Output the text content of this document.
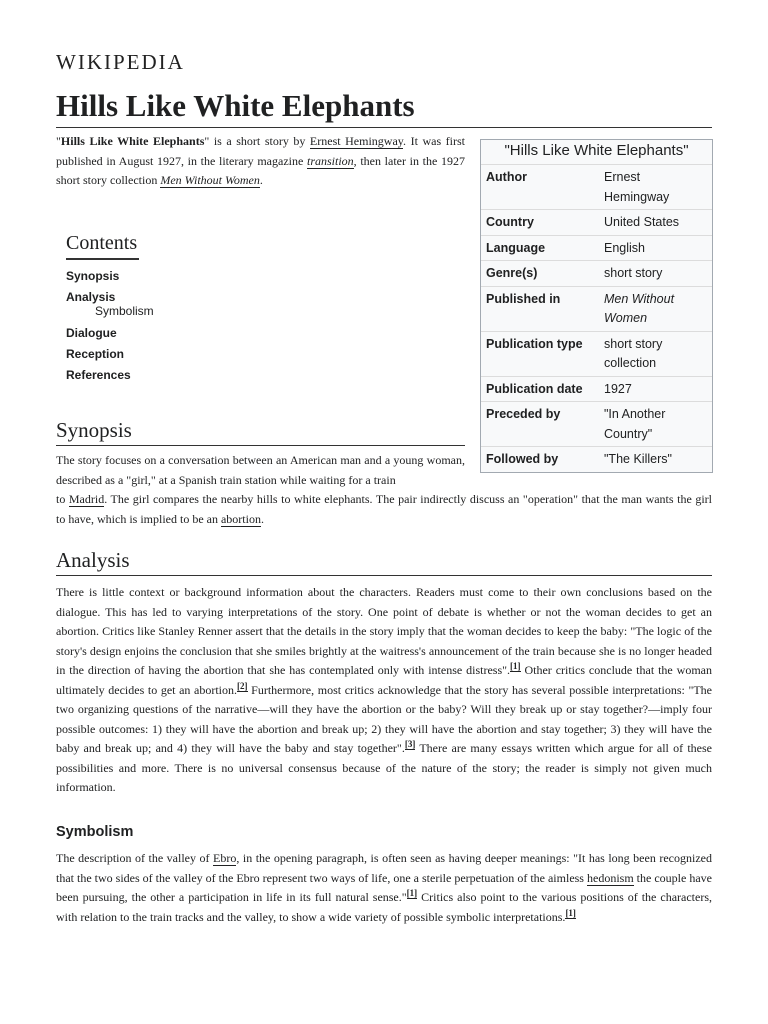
WIKIPEDIA
Hills Like White Elephants
"Hills Like White Elephants" is a short story by Ernest Hemingway. It was first published in August 1927, in the literary magazine transition, then later in the 1927 short story collection Men Without Women.
"Hills Like White Elephants"
Author	Ernest Hemingway
Country	United States
Language	English
Genre(s)	short story
Published in	Men Without Women
Publication type	short story collection
Publication date	1927
Preceded by	"In Another Country"
Followed by	"The Killers"
Contents
Synopsis
Analysis
Symbolism
Dialogue
Reception
References
Synopsis
The story focuses on a conversation between an American man and a young woman, described as a "girl," at a Spanish train station while waiting for a train
to Madrid. The girl compares the nearby hills to white elephants. The pair indirectly discuss an "operation" that the man wants the girl to have, which is implied to be an abortion.
Analysis
There is little context or background information about the characters. Readers must come to their own conclusions based on the dialogue. This has led to varying interpretations of the story. One point of debate is whether or not the woman decides to get an abortion. Critics like Stanley Renner assert that the details in the story imply that the woman decides to keep the baby: "The logic of the story's design enjoins the conclusion that she smiles brightly at the waitress's announcement of the train because she is no longer headed in the direction of having the abortion that she has contemplated only with intense distress".[1] Other critics conclude that the woman ultimately decides to get an abortion.[2] Furthermore, most critics acknowledge that the story has several possible interpretations: "The two organizing questions of the narrative—will they have the abortion or the baby? Will they break up or stay together?—imply four possible outcomes: 1) they will have the abortion and break up; 2) they will have the abortion and stay together; 3) they will have the baby and break up; and 4) they will have the baby and stay together".[3] There are many essays written which argue for all of these possibilities and more. There is no universal consensus because of the nature of the story; the reader is simply not given much information.
Symbolism
The description of the valley of Ebro, in the opening paragraph, is often seen as having deeper meanings: "It has long been recognized that the two sides of the valley of the Ebro represent two ways of life, one a sterile perpetuation of the aimless hedonism the couple have been pursuing, the other a participation in life in its full natural sense."[1] Critics also point to the various positions of the characters, with relation to the train tracks and the valley, to show a wide variety of possible symbolic interpretations.[1]
